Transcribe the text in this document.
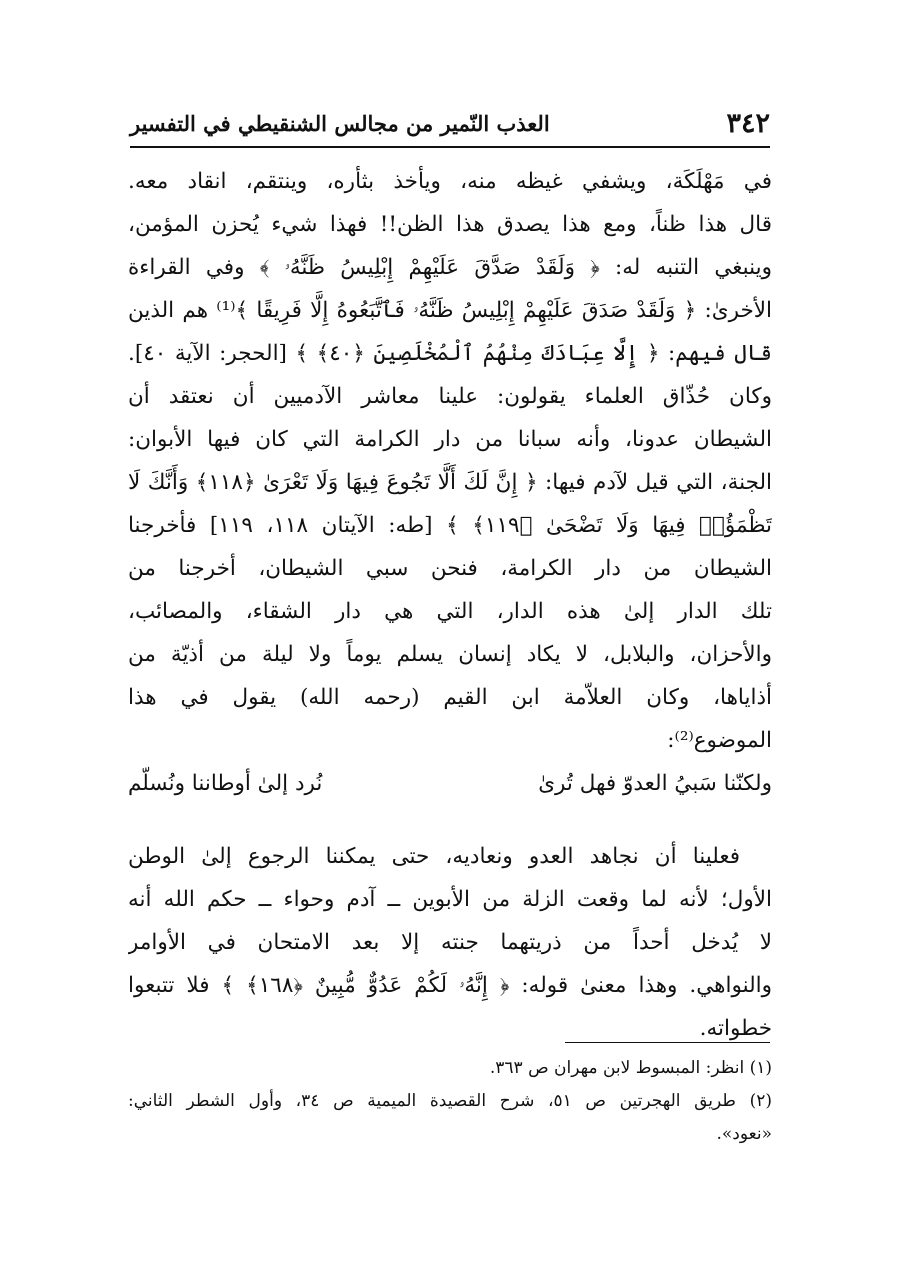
٣٤٢
العذب النّمير من مجالس الشنقيطي في التفسير
في مَهْلَكَة، ويشفي غيظه منه، ويأخذ بثأره، وينتقم، انقاد معه.
قال هذا ظناً، ومع هذا يصدق هذا الظن!! فهذا شيء يُحزن المؤمن،
وينبغي التنبه له: ﴿ وَلَقَدْ صَدَّقَ عَلَيْهِمْ إِبْلِيسُ ظَنَّهُۥ ﴾ وفي القراءة
الأخرىٰ: ﴿ وَلَقَدْ صَدَقَ عَلَيْهِمْ إِبْلِيسُ ظَنَّهُۥ فَٱتَّبَعُوهُ إِلَّا فَرِيقًا ﴾⁽¹⁾ هم الذين
قال فيهم: ﴿ إِلَّا عِبَادَكَ مِنْهُمُ ٱلْمُخْلَصِينَ ﴿٤٠﴾ ﴾ [الحجر: الآية ٤٠].
وكان حُذّاق العلماء يقولون: علينا معاشر الآدميين أن نعتقد أن
الشيطان عدونا، وأنه سبانا من دار الكرامة التي كان فيها الأبوان:
الجنة، التي قيل لآدم فيها: ﴿ إِنَّ لَكَ أَلَّا تَجُوعَ فِيهَا وَلَا تَعْرَىٰ ﴿١١٨﴾ وَأَنَّكَ لَا
تَظْمَؤُا۟ فِيهَا وَلَا تَضْحَىٰ ﴿١١٩﴾ ﴾ [طه: الآيتان ١١٨، ١١٩] فأخرجنا
الشيطان من دار الكرامة، فنحن سبي الشيطان، أخرجنا من
تلك الدار إلىٰ هذه الدار، التي هي دار الشقاء، والمصائب،
والأحزان، والبلابل، لا يكاد إنسان يسلم يوماً ولا ليلة من أذيّة من
أذاياها، وكان العلاّمة ابن القيم (رحمه الله) يقول في هذا
الموضوع⁽²⁾:
ولكنّنا سَبيُ العدوّ فهل تُرىٰ
نُرد إلىٰ أوطاننا ونُسلّم
فعلينا أن نجاهد العدو ونعاديه، حتى يمكننا الرجوع إلىٰ الوطن
الأول؛ لأنه لما وقعت الزلة من الأبوين ــ آدم وحواء ــ حكم الله أنه
لا يُدخل أحداً من ذريتهما جنته إلا بعد الامتحان في الأوامر
والنواهي. وهذا معنىٰ قوله: ﴿ إِنَّهُۥ لَكُمْ عَدُوٌّ مُّبِينٌ ﴿١٦٨﴾ ﴾ فلا تتبعوا
خطواته.
(١) انظر: المبسوط لابن مهران ص ٣٦٣.
(٢) طريق الهجرتين ص ٥١، شرح القصيدة الميمية ص ٣٤، وأول الشطر الثاني:
«نعود».
